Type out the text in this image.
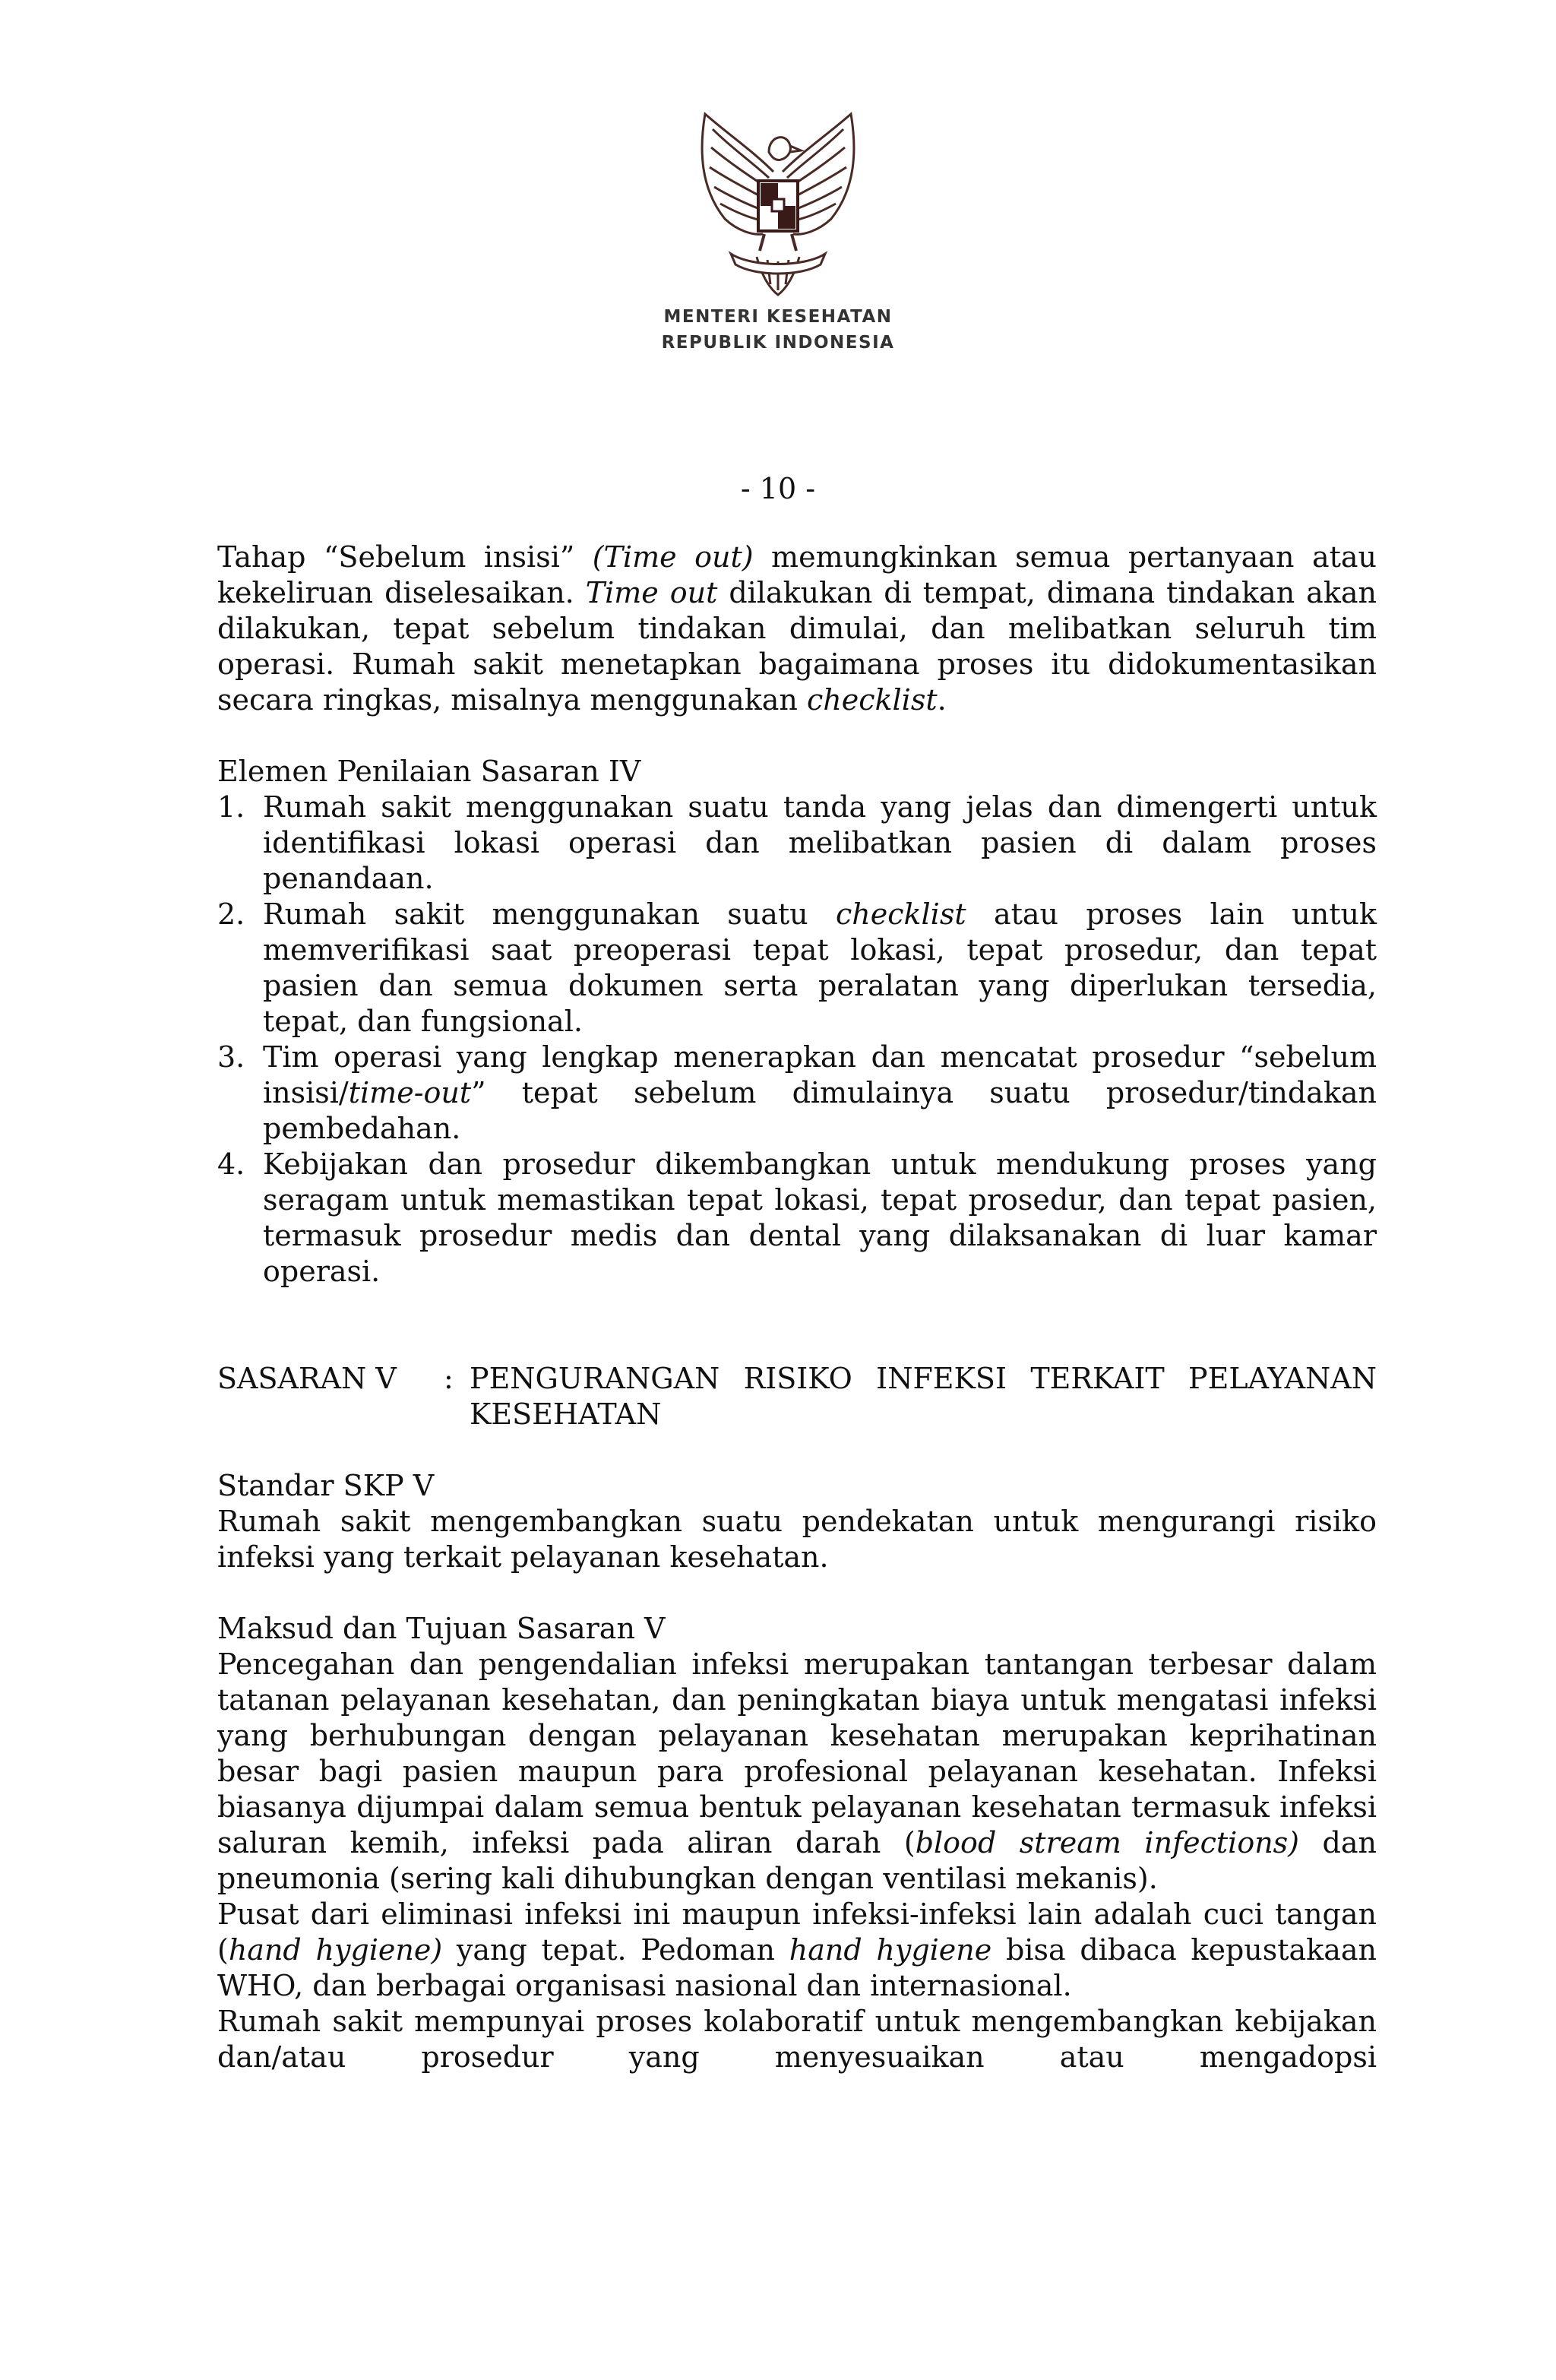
MENTERI KESEHATAN
REPUBLIK INDONESIA
- 10 -

Tahap “Sebelum insisi” (Time out) memungkinkan semua pertanyaan atau kekeliruan diselesaikan. Time out dilakukan di tempat, dimana tindakan akan dilakukan, tepat sebelum tindakan dimulai, dan melibatkan seluruh tim operasi. Rumah sakit menetapkan bagaimana proses itu didokumentasikan secara ringkas, misalnya menggunakan checklist.

Elemen Penilaian Sasaran IV
1. Rumah sakit menggunakan suatu tanda yang jelas dan dimengerti untuk identifikasi lokasi operasi dan melibatkan pasien di dalam proses penandaan.
2. Rumah sakit menggunakan suatu checklist atau proses lain untuk memverifikasi saat preoperasi tepat lokasi, tepat prosedur, dan tepat pasien dan semua dokumen serta peralatan yang diperlukan tersedia, tepat, dan fungsional.
3. Tim operasi yang lengkap menerapkan dan mencatat prosedur “sebelum insisi/time-out” tepat sebelum dimulainya suatu prosedur/tindakan pembedahan.
4. Kebijakan dan prosedur dikembangkan untuk mendukung proses yang seragam untuk memastikan tepat lokasi, tepat prosedur, dan tepat pasien, termasuk prosedur medis dan dental yang dilaksanakan di luar kamar operasi.
SASARAN V	: PENGURANGAN RISIKO INFEKSI TERKAIT PELAYANAN
KESEHATAN
Standar SKP V

Rumah sakit mengembangkan suatu pendekatan untuk mengurangi risiko infeksi yang terkait pelayanan kesehatan.

Maksud dan Tujuan Sasaran V

Pencegahan dan pengendalian infeksi merupakan tantangan terbesar dalam tatanan pelayanan kesehatan, dan peningkatan biaya untuk mengatasi infeksi yang berhubungan dengan pelayanan kesehatan merupakan keprihatinan besar bagi pasien maupun para profesional pelayanan kesehatan. Infeksi biasanya dijumpai dalam semua bentuk pelayanan kesehatan termasuk infeksi saluran kemih, infeksi pada aliran darah (blood stream infections) dan pneumonia (sering kali dihubungkan dengan ventilasi mekanis).

Pusat dari eliminasi infeksi ini maupun infeksi-infeksi lain adalah cuci tangan (hand hygiene) yang tepat. Pedoman hand hygiene bisa dibaca kepustakaan WHO, dan berbagai organisasi nasional dan internasional.

Rumah sakit mempunyai proses kolaboratif untuk mengembangkan kebijakan dan/atau prosedur yang menyesuaikan atau mengadopsi
